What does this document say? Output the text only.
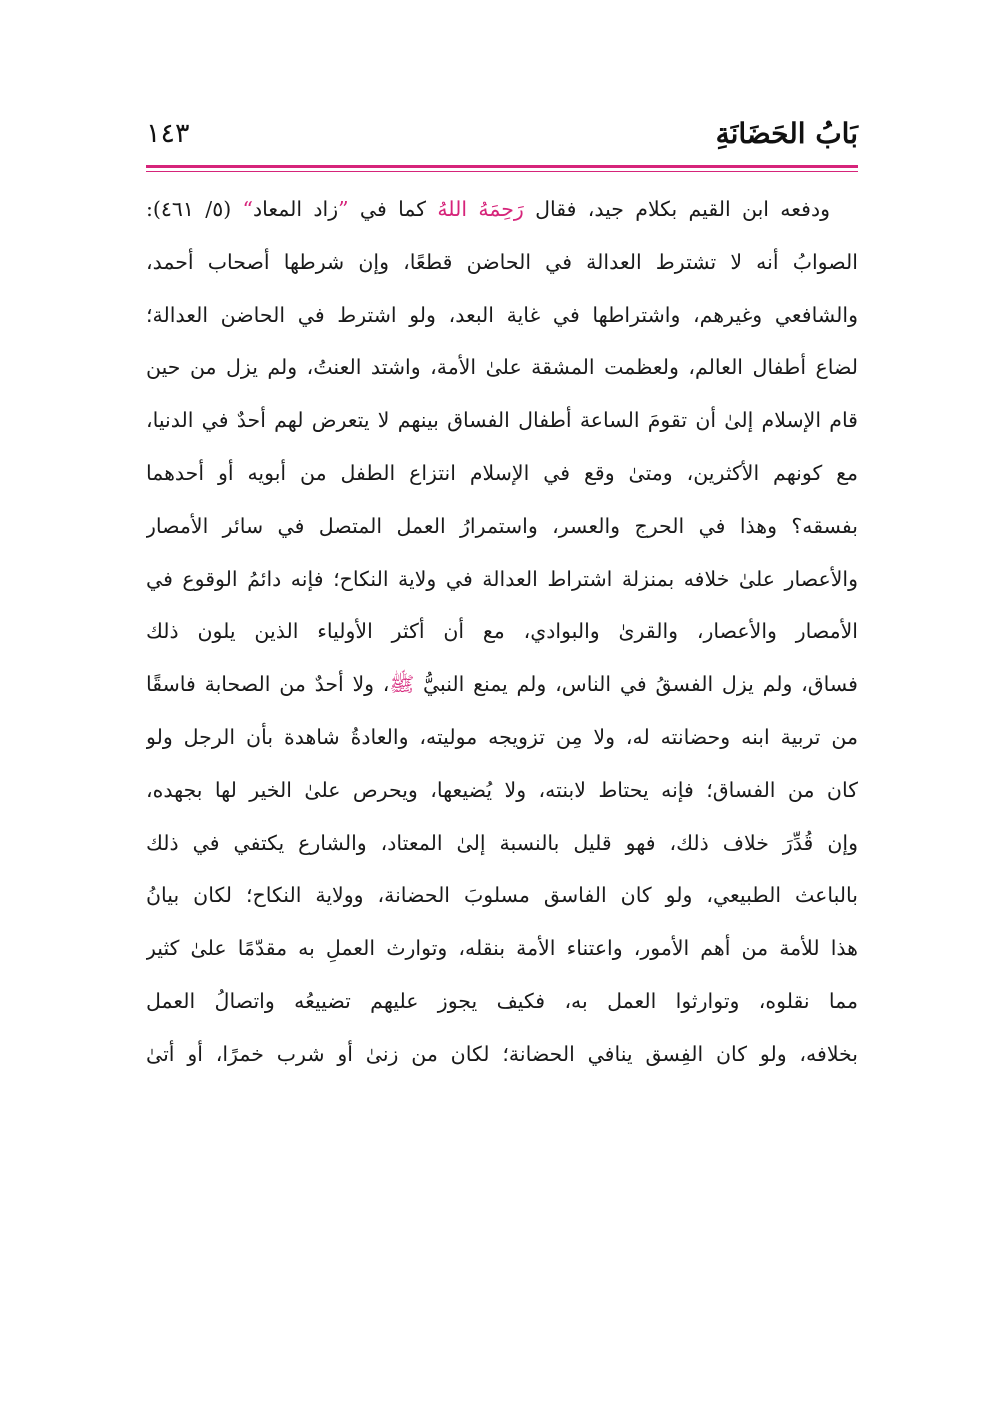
بَابُ الحَضَانَةِ
١٤٣
ودفعه ابن القيم بكلام جيد، فقال رَحِمَهُ اللهُ كما في ”زاد المعاد“ (٥/ ٤٦١):
الصوابُ أنه لا تشترط العدالة في الحاضن قطعًا، وإن شرطها أصحاب أحمد،
والشافعي وغيرهم، واشتراطها في غاية البعد، ولو اشترط في الحاضن العدالة؛
لضاع أطفال العالم، ولعظمت المشقة علىٰ الأمة، واشتد العنتُ، ولم يزل من حين
قام الإسلام إلىٰ أن تقومَ الساعة أطفال الفساق بينهم لا يتعرض لهم أحدٌ في الدنيا،
مع كونهم الأكثرين، ومتىٰ وقع في الإسلام انتزاع الطفل من أبويه أو أحدهما
بفسقه؟ وهذا في الحرج والعسر، واستمرارُ العمل المتصل في سائر الأمصار
والأعصار علىٰ خلافه بمنزلة اشتراط العدالة في ولاية النكاح؛ فإنه دائمُ الوقوع في
الأمصار والأعصار، والقرىٰ والبوادي، مع أن أكثر الأولياء الذين يلون ذلك
فساق، ولم يزل الفسقُ في الناس، ولم يمنع النبيُّ ﷺ، ولا أحدٌ من الصحابة فاسقًا
من تربية ابنه وحضانته له، ولا مِن تزويجه موليته، والعادةُ شاهدة بأن الرجل ولو
كان من الفساق؛ فإنه يحتاط لابنته، ولا يُضيعها، ويحرص علىٰ الخير لها بجهده،
وإن قُدِّرَ خلاف ذلك، فهو قليل بالنسبة إلىٰ المعتاد، والشارع يكتفي في ذلك
بالباعث الطبيعي، ولو كان الفاسق مسلوبَ الحضانة، وولاية النكاح؛ لكان بيانُ
هذا للأمة من أهم الأمور، واعتناء الأمة بنقله، وتوارث العملِ به مقدّمًا علىٰ كثير
مما نقلوه، وتوارثوا العمل به، فكيف يجوز عليهم تضييعُه واتصالُ العمل
بخلافه، ولو كان الفِسق ينافي الحضانة؛ لكان من زنىٰ أو شرب خمرًا، أو أتىٰ
